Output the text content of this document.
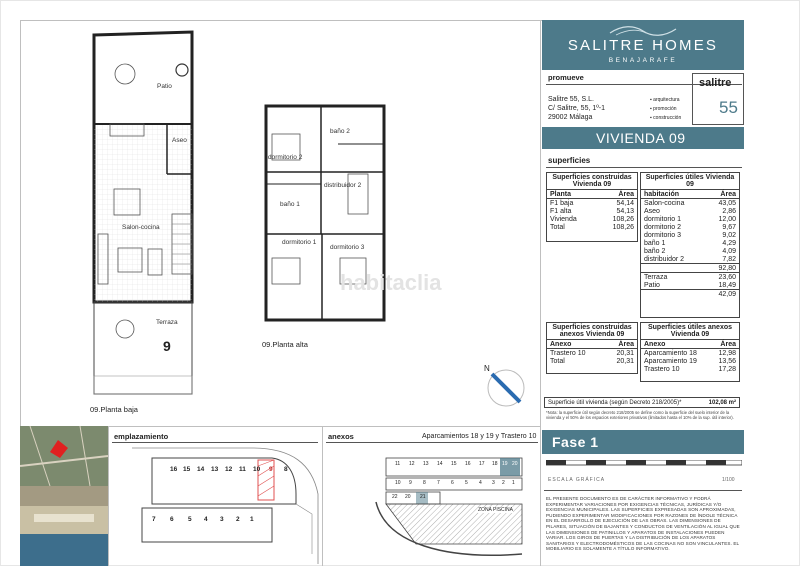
Patio
Aseo
Salon-cocina
Terraza
9
09.Planta baja
baño 2
dormitorio 2
distribuidor 2
baño 1
dormitorio 1
dormitorio 3
09.Planta alta
habitaclia
N
SALITRE HOMES
BENAJARAFE
promueve
Salitre 55, S.L.
C/ Salitre, 55, 1º-1
29002 Málaga
salitre
55
▪ arquitectura
▪ promoción
▪ construcción
VIVIENDA 09
superficies
Superficies construidas Vivienda 09	
Planta	Área
F1 baja	54,14
F1 alta	54,13
Vivienda	108,26
Total	108,26
Superficies útiles Vivienda 09	
habitación	Área
Salon-cocina	43,05
Aseo	2,86
dormitorio 1	12,00
dormitorio 2	9,67
dormitorio 3	9,02
baño 1	4,29
baño 2	4,09
distribuidor 2	7,82
	92,80
Terraza	23,60
Patio	18,49
	42,09
Superficies construidas anexos Vivienda 09	
Anexo	Área
Trastero 10	20,31
Total	20,31
Superficies útiles anexos Vivienda 09	
Anexo	Área
Aparcamiento 18	12,98
Aparcamiento 19	13,56
Trastero 10	17,28
Superficie útil vivienda (según Decreto 218/2005)*	102,08 m²
*Nota: la superficie útil según decreto 218/2005 se define como la superficie del suelo interior de la vivienda y el 50% de los espacios exteriores privativos (limitados hasta el 10% de la sup. útil interior).
Fase 1
ESCALA GRÁFICA	1/100
EL PRESENTE DOCUMENTO ES DE CARÁCTER INFORMATIVO Y PODRÁ EXPERIMENTAR VARIACIONES POR EXIGENCIAS TÉCNICAS, JURÍDICAS Y/O EXIGENCIAS MUNICIPALES. LAS SUPERFICIES EXPRESADAS SON APROXIMADAS, PUDIENDO EXPERIMENTAR MODIFICACIONES POR RAZONES DE ÍNDOLE TÉCNICA EN EL DESARROLLO DE EJECUCIÓN DE LAS OBRAS. LAS DIMENSIONES DE PILARES, SITUACIÓN DE BAJANTES Y CONDUCTOS DE VENTILACIÓN AL IGUAL QUE LAS DIMENSIONES DE PATINILLOS Y APARATOS DE INSTALACIONES PUEDEN VARIAR. LOS GIROS DE PUERTAS Y LA DISTRIBUCIÓN DE LOS APARATOS SANITARIOS Y ELECTRODOMÉSTICOS DE LAS COCINAS NO SON VINCULANTES. EL MOBILIARIO ES SOLAMENTE A TÍTULO INFORMATIVO.
emplazamiento
16 15 14 13 12 11 10 9 8
7 6 5 4 3 2 1
anexos	Aparcamientos 18 y 19 y Trastero 10
11 12 13 14 15 16 17 18 19 20
10 9 8 7 6 5 4 3 2 1
22 20 21
ZONA PISCINA
